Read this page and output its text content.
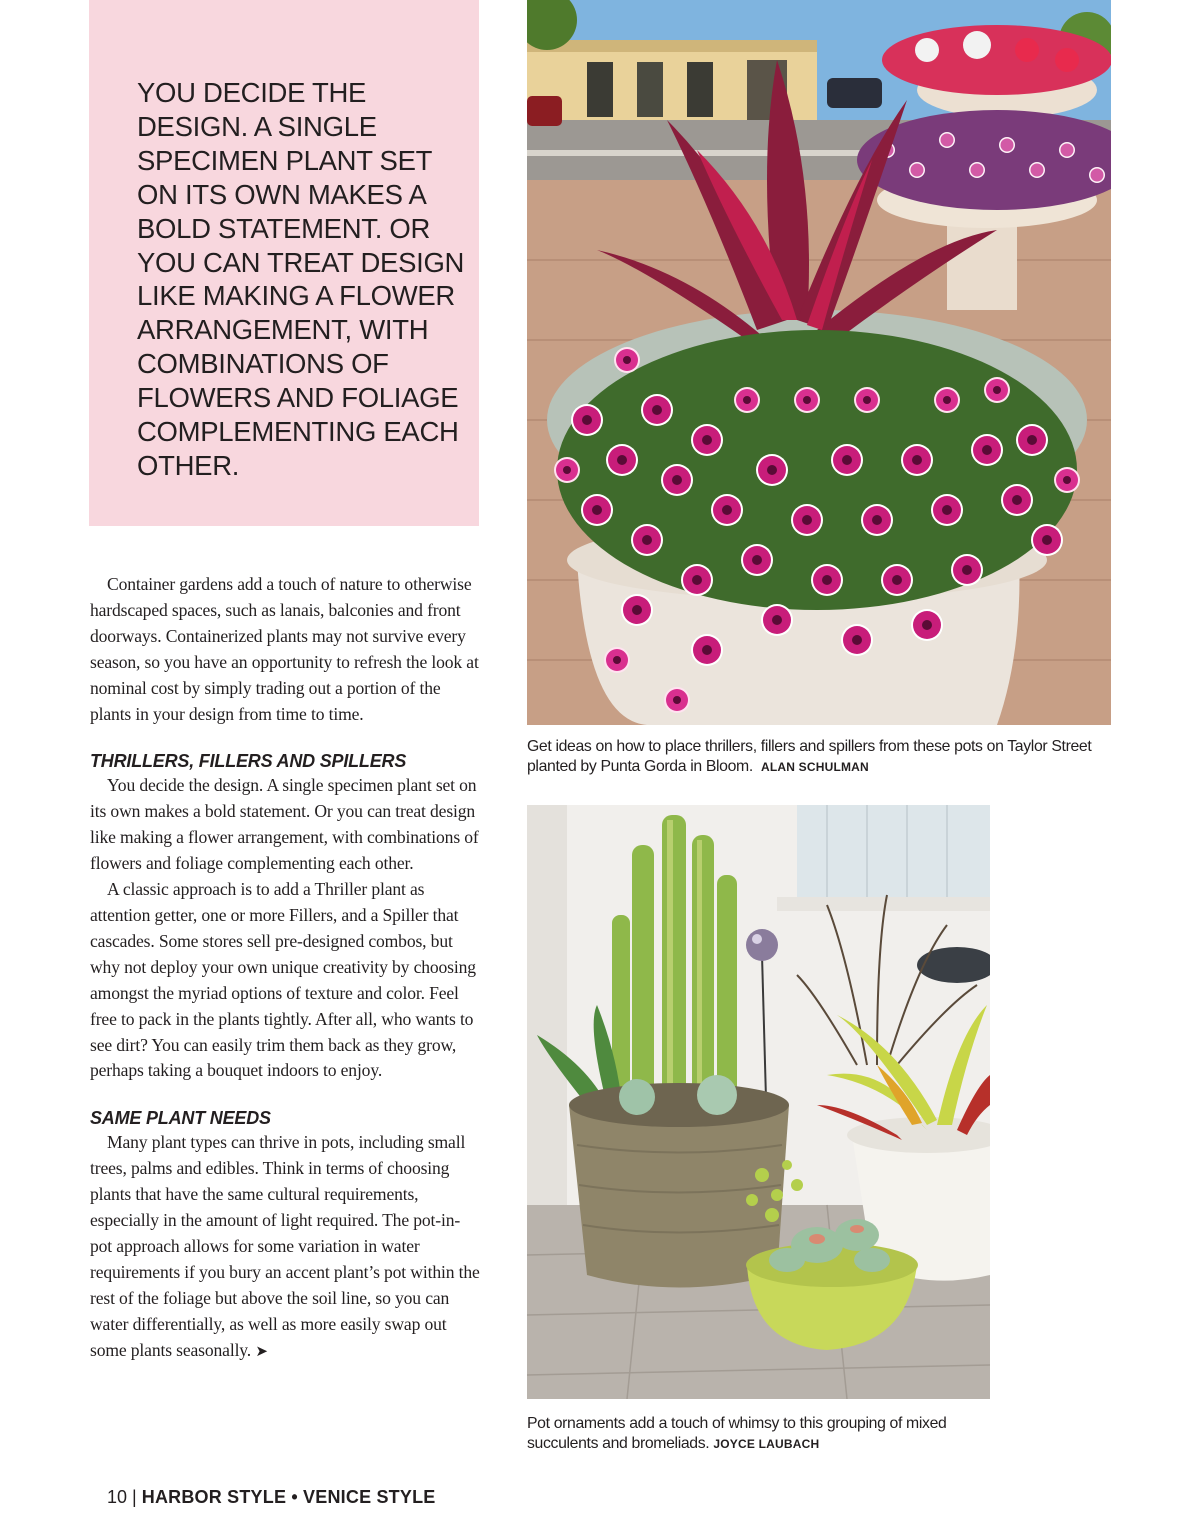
YOU DECIDE THE DESIGN. A SINGLE SPECIMEN PLANT SET ON ITS OWN MAKES A BOLD STATEMENT. OR YOU CAN TREAT DESIGN LIKE MAKING A FLOWER ARRANGEMENT, WITH COMBINATIONS OF FLOWERS AND FOLIAGE COMPLEMENTING EACH OTHER.

Container gardens add a touch of nature to otherwise hardscaped spaces, such as lanais, balconies and front doorways. Containerized plants may not survive every season, so you have an opportunity to refresh the look at nominal cost by simply trading out a portion of the plants in your design from time to time.

THRILLERS, FILLERS AND SPILLERS

You decide the design. A single specimen plant set on its own makes a bold statement. Or you can treat design like making a flower arrangement, with combinations of flowers and foliage complementing each other.

A classic approach is to add a Thriller plant as attention getter, one or more Fillers, and a Spiller that cascades. Some stores sell pre-designed combos, but why not deploy your own unique creativity by choosing amongst the myriad options of texture and color. Feel free to pack in the plants tightly. After all, who wants to see dirt? You can easily trim them back as they grow, perhaps taking a bouquet indoors to enjoy.

SAME PLANT NEEDS

Many plant types can thrive in pots, including small trees, palms and edibles. Think in terms of choosing plants that have the same cultural requirements, especially in the amount of light required. The pot-in-pot approach allows for some variation in water requirements if you bury an accent plant’s pot within the rest of the foliage but above the soil line, so you can water differentially, as well as more easily swap out some plants seasonally. ➤

Get ideas on how to place thrillers, fillers and spillers from these pots on Taylor Street planted by Punta Gorda in Bloom. ALAN SCHULMAN

Pot ornaments add a touch of whimsy to this grouping of mixed succulents and bromeliads. JOYCE LAUBACH

10 | HARBOR STYLE • VENICE STYLE
